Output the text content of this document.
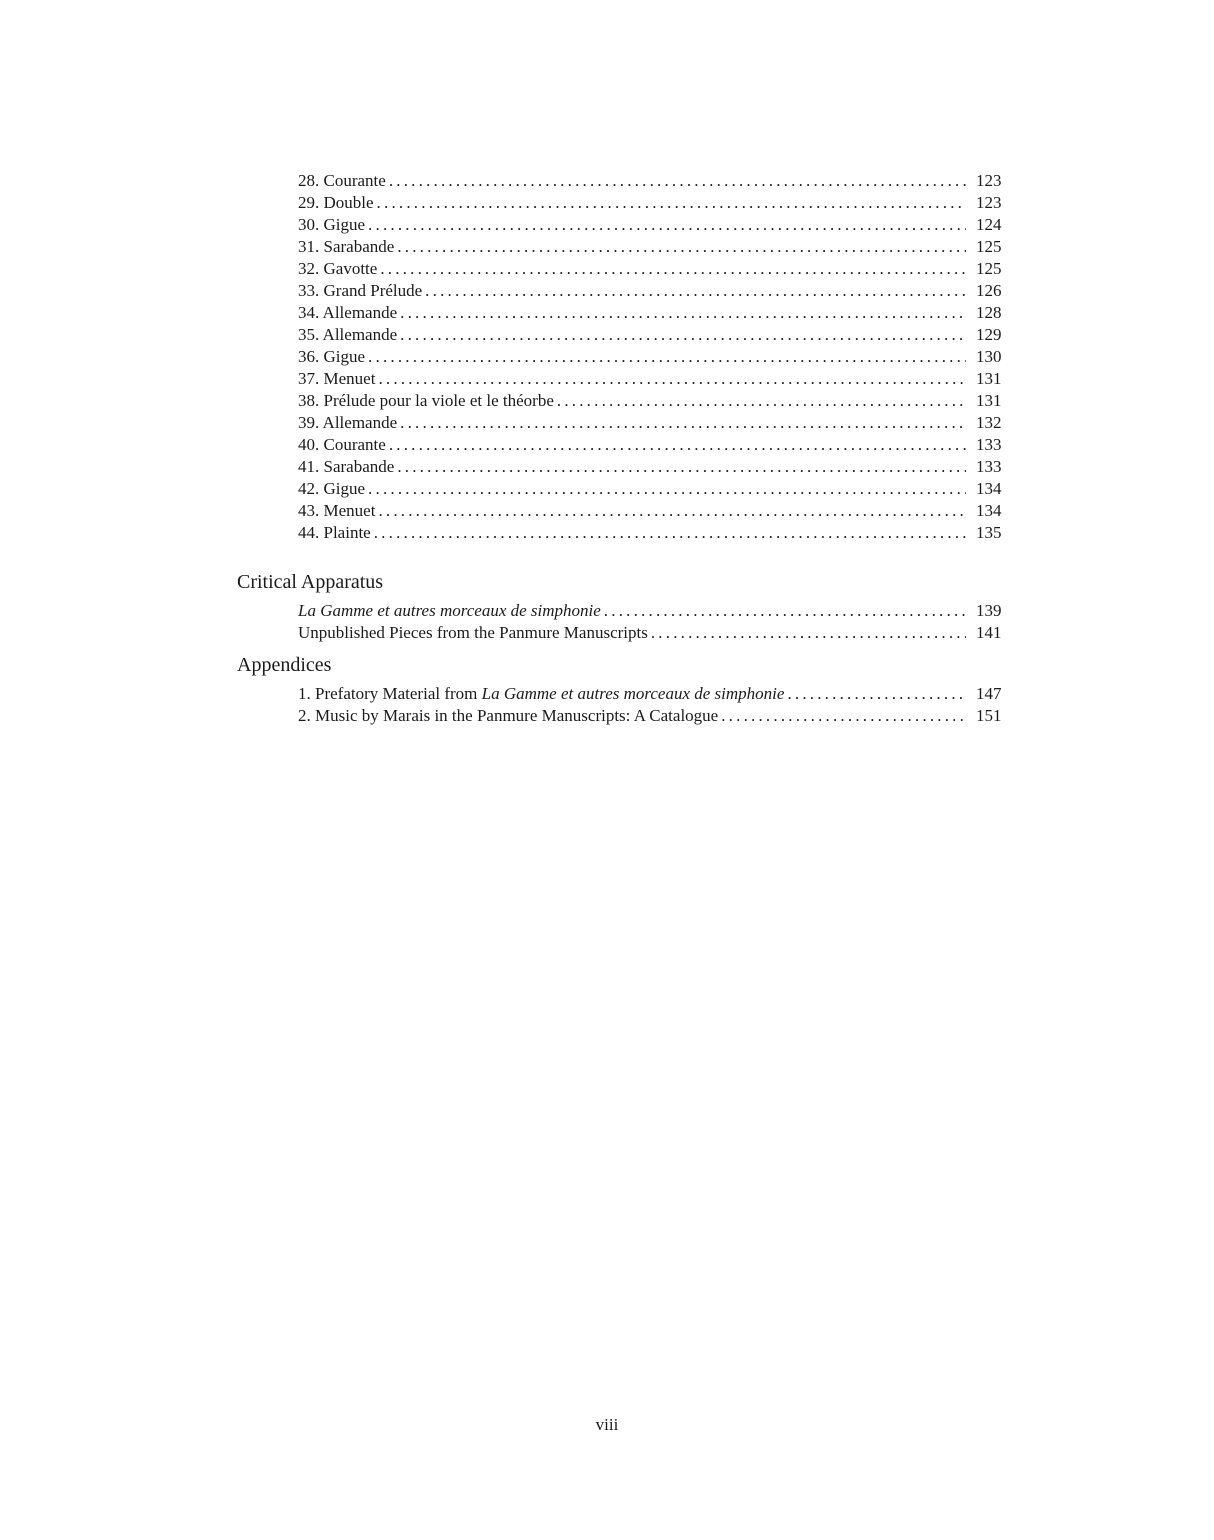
28. Courante .....	123
29. Double .....	123
30. Gigue .....	124
31. Sarabande .....	125
32. Gavotte .....	125
33. Grand Prélude .....	126
34. Allemande .....	128
35. Allemande .....	129
36. Gigue .....	130
37. Menuet .....	131
38. Prélude pour la viole et le théorbe .....	131
39. Allemande .....	132
40. Courante .....	133
41. Sarabande .....	133
42. Gigue .....	134
43. Menuet .....	134
44. Plainte .....	135
Critical Apparatus
La Gamme et autres morceaux de simphonie .....	139
Unpublished Pieces from the Panmure Manuscripts .....	141
Appendices
1. Prefatory Material from La Gamme et autres morceaux de simphonie .....	147
2. Music by Marais in the Panmure Manuscripts: A Catalogue .....	151
viii
